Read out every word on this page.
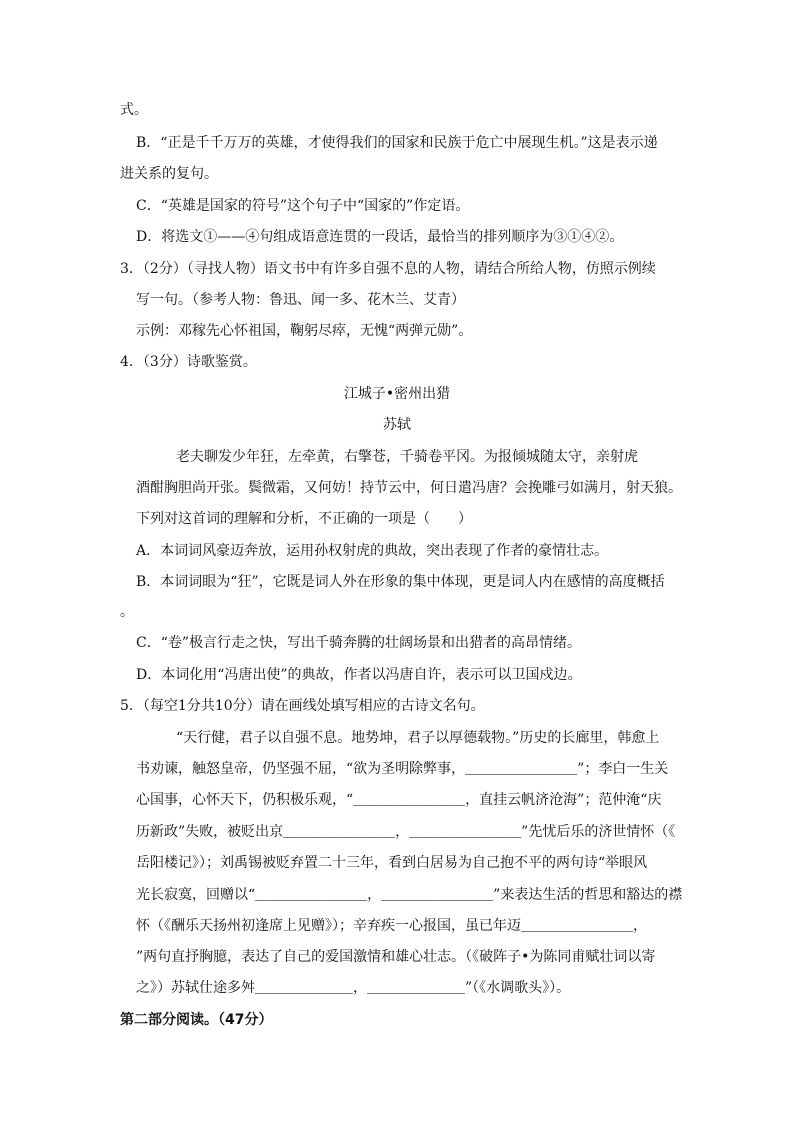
式。
B．“正是千千万万的英雄，才使得我们的国家和民族于危亡中展现生机。”这是表示递
进关系的复句。
C．“英雄是国家的符号”这个句子中“国家的”作定语。
D．将选文①——④句组成语意连贯的一段话，最恰当的排列顺序为③①④②。
3．（2分）（寻找人物）语文书中有许多自强不息的人物，请结合所给人物，仿照示例续
写一句。（参考人物：鲁迅、闻一多、花木兰、艾青）
示例：邓稼先心怀祖国，鞠躬尽瘁，无愧“两弹元勋”。
4．（3分）诗歌鉴赏。
江城子•密州出猎
苏轼
老夫聊发少年狂，左牵黄，右擎苍，千骑卷平冈。为报倾城随太守，亲射虎
酒酣胸胆尚开张。鬓微霜，又何妨！持节云中，何日遣冯唐？会挽雕弓如满月，射天狼。
下列对这首词的理解和分析，不正确的一项是（　　）
A．本词词风豪迈奔放，运用孙权射虎的典故，突出表现了作者的豪情壮志。
B．本词词眼为“狂”，它既是词人外在形象的集中体现，更是词人内在感情的高度概括
。
C．“卷”极言行走之快，写出千骑奔腾的壮阔场景和出猎者的高昂情绪。
D．本词化用“冯唐出使”的典故，作者以冯唐自许，表示可以卫国戍边。
5．（每空1分共10分）请在画线处填写相应的古诗文名句。
“天行健，君子以自强不息。地势坤，君子以厚德载物。”历史的长廊里，韩愈上
书劝谏，触怒皇帝，仍坚强不屈，“欲为圣明除弊事，＿＿＿＿＿＿＿＿”；李白一生关
心国事，心怀天下，仍积极乐观，“＿＿＿＿＿＿＿＿，直挂云帆济沧海”；范仲淹“庆
历新政”失败，被贬出京＿＿＿＿＿＿＿＿，＿＿＿＿＿＿＿＿”先忧后乐的济世情怀（《
岳阳楼记》）；刘禹锡被贬弃置二十三年，看到白居易为自己抱不平的两句诗“举眼风
光长寂寞，回赠以“＿＿＿＿＿＿＿＿，＿＿＿＿＿＿＿＿”来表达生活的哲思和豁达的襟
怀（《酬乐天扬州初逢席上见赠》）；辛弃疾一心报国，虽已年迈＿＿＿＿＿＿＿＿，
”两句直抒胸臆，表达了自己的爱国激情和雄心壮志。（《破阵子•为陈同甫赋壮词以寄
之》）苏轼仕途多舛＿＿＿＿＿＿＿，＿＿＿＿＿＿＿”（《水调歌头》）。
第二部分阅读。（47分）
